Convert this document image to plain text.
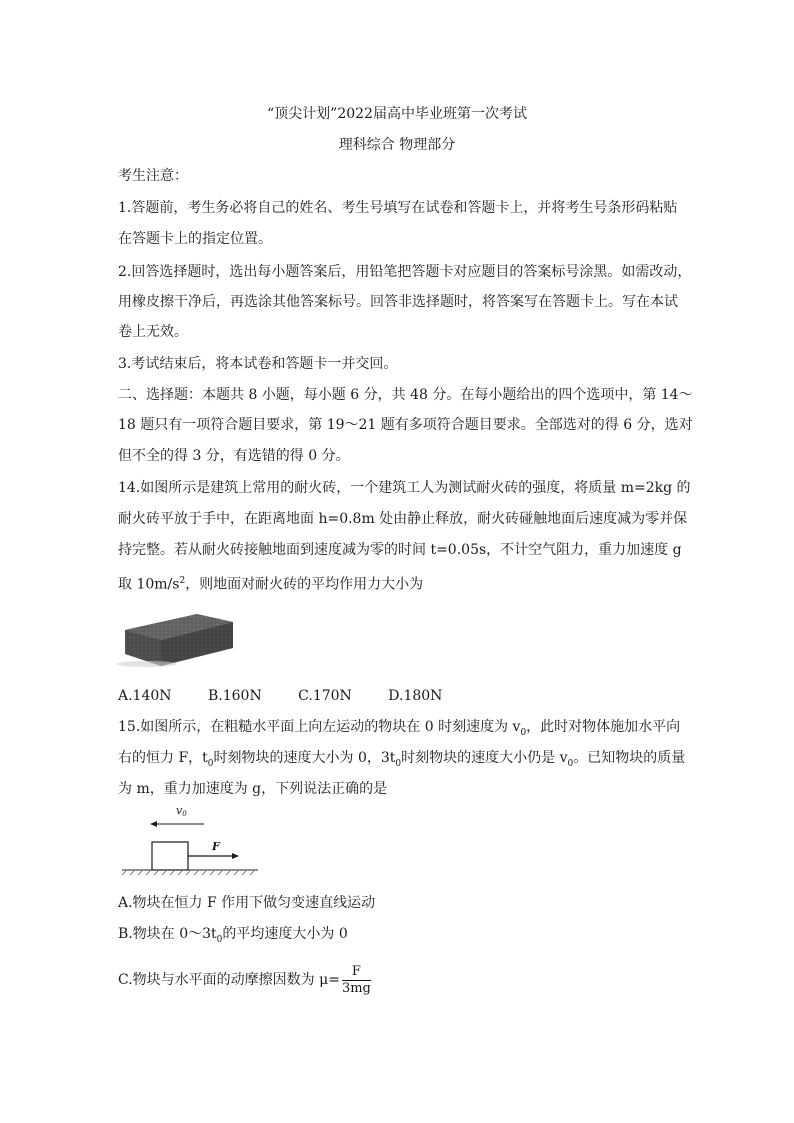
“顶尖计划”2022届高中毕业班第一次考试
理科综合 物理部分
考生注意：
1.答题前，考生务必将自己的姓名、考生号填写在试卷和答题卡上，并将考生号条形码粘贴
在答题卡上的指定位置。
2.回答选择题时，选出每小题答案后，用铅笔把答题卡对应题目的答案标号涂黑。如需改动，
用橡皮擦干净后，再选涂其他答案标号。回答非选择题时，将答案写在答题卡上。写在本试
卷上无效。
3.考试结束后，将本试卷和答题卡一并交回。
二、选择题：本题共 8 小题，每小题 6 分，共 48 分。在每小题给出的四个选项中，第 14～
18 题只有一项符合题目要求，第 19～21 题有多项符合题目要求。全部选对的得 6 分，选对
但不全的得 3 分，有选错的得 0 分。
14.如图所示是建筑上常用的耐火砖，一个建筑工人为测试耐火砖的强度，将质量 m=2kg 的
耐火砖平放于手中，在距离地面 h=0.8m 处由静止释放，耐火砖碰触地面后速度减为零并保
持完整。若从耐火砖接触地面到速度减为零的时间 t=0.05s，不计空气阻力，重力加速度 g
取 $10m/s^2$，则地面对耐火砖的平均作用力大小为
A.140N	B.160N	C.170N	D.180N
15.如图所示，在粗糙水平面上向左运动的物块在 0 时刻速度为 $v_0$，此时对物体施加水平向
右的恒力 F，$t_0$时刻物块的速度大小为 0，$3t_0$时刻物块的速度大小仍是 $v_0$。已知物块的质量
为 m，重力加速度为 g，下列说法正确的是
v0
F
A.物块在恒力 F 作用下做匀变速直线运动
B.物块在 $0\sim 3t_0$的平均速度大小为 0
C.物块与水平面的动摩擦因数为 $\mu= \frac{F}{3mg}$
